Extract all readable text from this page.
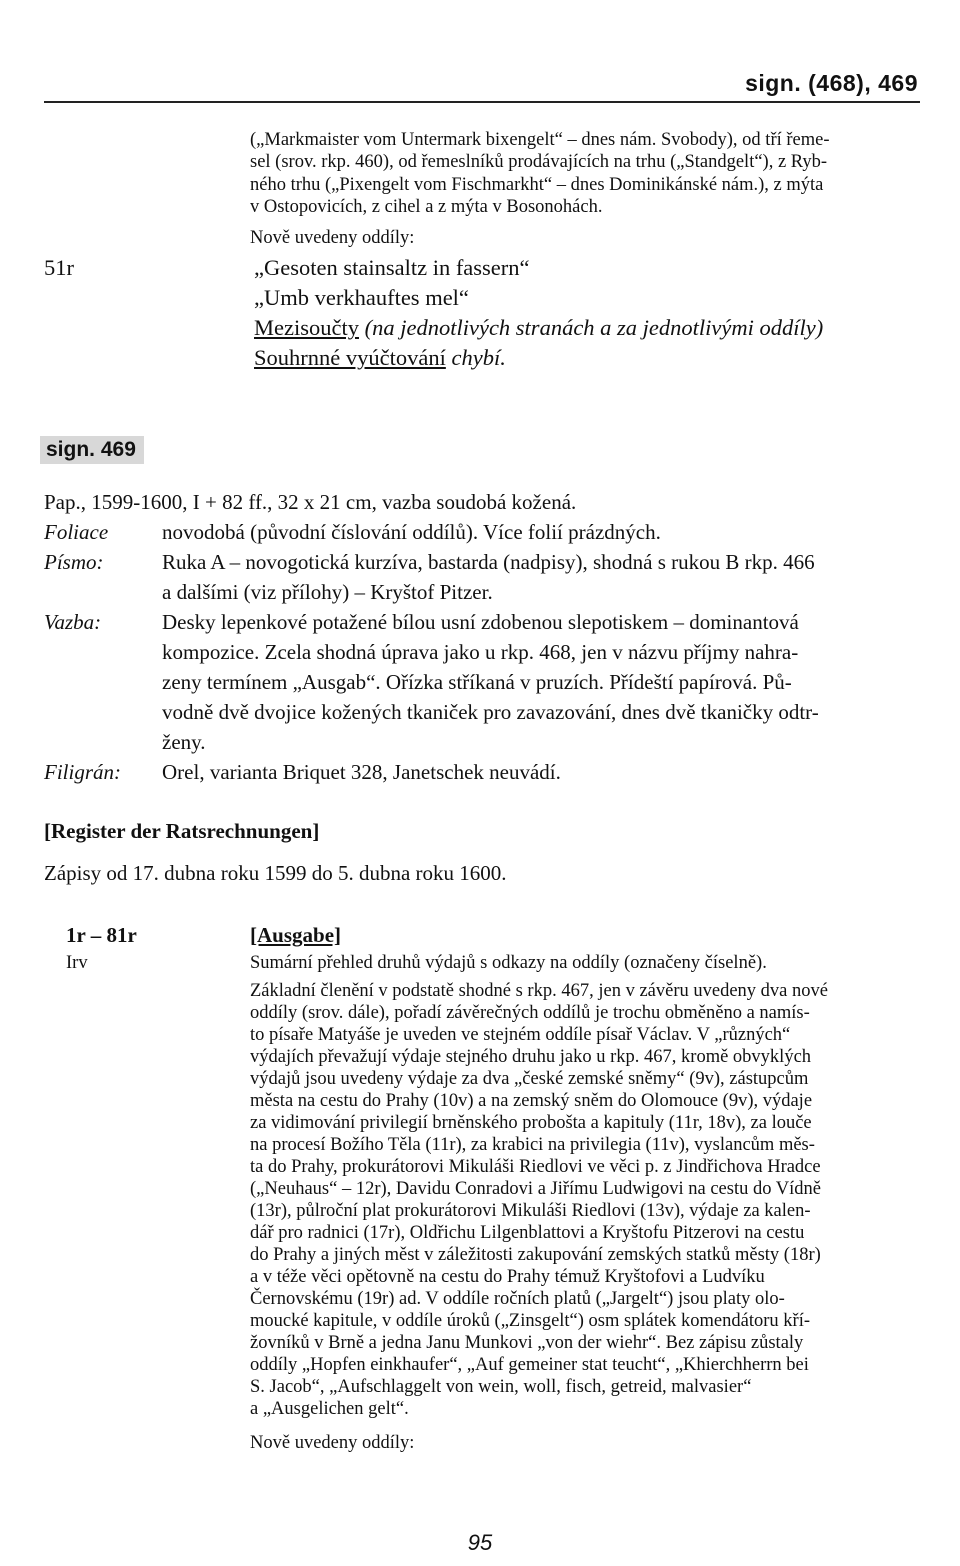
sign. (468), 469
(„Markmaister vom Untermark bixengelt“ – dnes nám. Svobody), od tří řeme-
sel (srov. rkp. 460), od řemeslníků prodávajících na trhu („Standgelt“), z Ryb-
ného trhu („Pixengelt vom Fischmarkht“ – dnes Dominikánské nám.), z mýta
v Ostopovicích, z cihel a z mýta v Bosonohách.
Nově uvedeny oddíly:
51r	„Gesoten stainsaltz in fassern“
„Umb verkhauftes mel“
Mezisoučty (na jednotlivých stranách a za jednotlivými oddíly)
Souhrnné vyúčtování chybí.
sign. 469
Pap., 1599-1600, I + 82 ff., 32 x 21 cm, vazba soudobá kožená.
Foliace	novodobá (původní číslování oddílů). Více folií prázdných.
Písmo:	Ruka A – novogotická kurzíva, bastarda (nadpisy), shodná s rukou B rkp. 466
a dalšími (viz přílohy) – Kryštof Pitzer.
Vazba:	Desky lepenkové potažené bílou usní zdobenou slepotiskem – dominantová
kompozice. Zcela shodná úprava jako u rkp. 468, jen v názvu příjmy nahra-
zeny termínem „Ausgab“. Ořízka stříkaná v pruzích. Přídeští papírová. Pů-
vodně dvě dvojice kožených tkaniček pro zavazování, dnes dvě tkaničky odtr-
ženy.
Filigrán: Orel, varianta Briquet 328, Janetschek neuvádí.
[Register der Ratsrechnungen]
Zápisy od 17. dubna roku 1599 do 5. dubna roku 1600.
1r – 81r	[Ausgabe]
Irv	Sumární přehled druhů výdajů s odkazy na oddíly (označeny číselně).
Základní členění v podstatě shodné s rkp. 467, jen v závěru uvedeny dva nové
oddíly (srov. dále), pořadí závěrečných oddílů je trochu obměněno a namís-
to písaře Matyáše je uveden ve stejném oddíle písař Václav. V „různých“
výdajích převažují výdaje stejného druhu jako u rkp. 467, kromě obvyklých
výdajů jsou uvedeny výdaje za dva „české zemské sněmy“ (9v), zástupcům
města na cestu do Prahy (10v) a na zemský sněm do Olomouce (9v), výdaje
za vidimování privilegií brněnského probošta a kapituly (11r, 18v), za louče
na procesí Božího Těla (11r), za krabici na privilegia (11v), vyslancům měs-
ta do Prahy, prokurátorovi Mikuláši Riedlovi ve věci p. z Jindřichova Hradce
(„Neuhaus“ – 12r), Davidu Conradovi a Jiřímu Ludwigovi na cestu do Vídně
(13r), půlroční plat prokurátorovi Mikuláši Riedlovi (13v), výdaje za kalen-
dář pro radnici (17r), Oldřichu Lilgenblattovi a Kryštofu Pitzerovi na cestu
do Prahy a jiných měst v záležitosti zakupování zemských statků městy (18r)
a v téže věci opětovně na cestu do Prahy témuž Kryštofovi a Ludvíku
Černovskému (19r) ad. V oddíle ročních platů („Jargelt“) jsou platy olo-
moucké kapitule, v oddíle úroků („Zinsgelt“) osm splátek komendátoru kří-
žovníků v Brně a jedna Janu Munkovi „von der wiehr“. Bez zápisu zůstaly
oddíly „Hopfen einkhaufer“, „Auf gemeiner stat teucht“, „Khierchherrn bei
S. Jacob“, „Aufschlaggelt von wein, woll, fisch, getreid, malvasier“
a „Ausgelichen gelt“.
Nově uvedeny oddíly:
95
